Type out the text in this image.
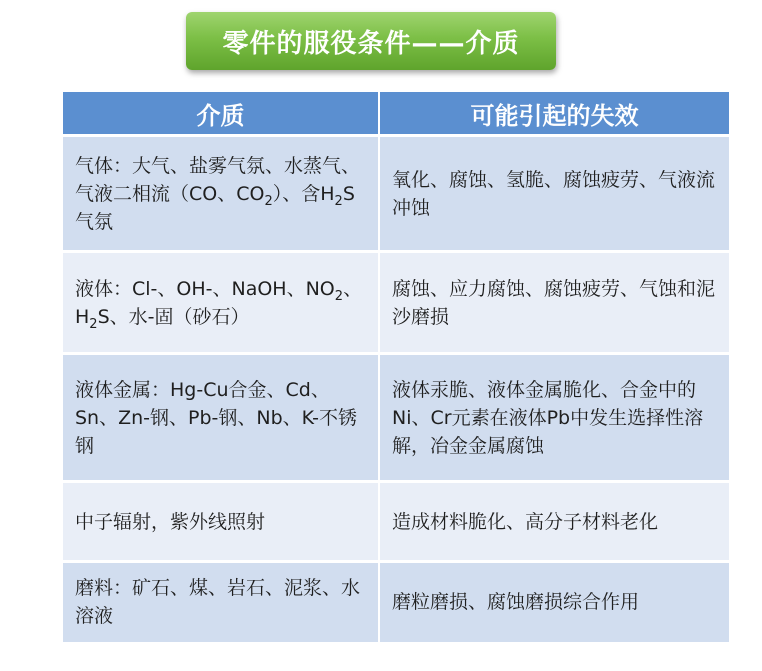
零件的服役条件——介质
介质	可能引起的失效
气体：大气、盐雾气氛、水蒸气、气液二相流（CO、$CO_2$）、含$H_2S$气氛	氧化、腐蚀、氢脆、腐蚀疲劳、气液流冲蚀
液体：Cl-、OH-、NaOH、$NO_2$、$H_2S$、水-固（砂石）	腐蚀、应力腐蚀、腐蚀疲劳、气蚀和泥沙磨损
液体金属：Hg-Cu合金、Cd、Sn、Zn-钢、Pb-钢、Nb、K-不锈钢	液体汞脆、液体金属脆化、合金中的Ni、Cr元素在液体Pb中发生选择性溶解，冶金金属腐蚀
中子辐射，紫外线照射	造成材料脆化、高分子材料老化
磨料：矿石、煤、岩石、泥浆、水溶液	磨粒磨损、腐蚀磨损综合作用
